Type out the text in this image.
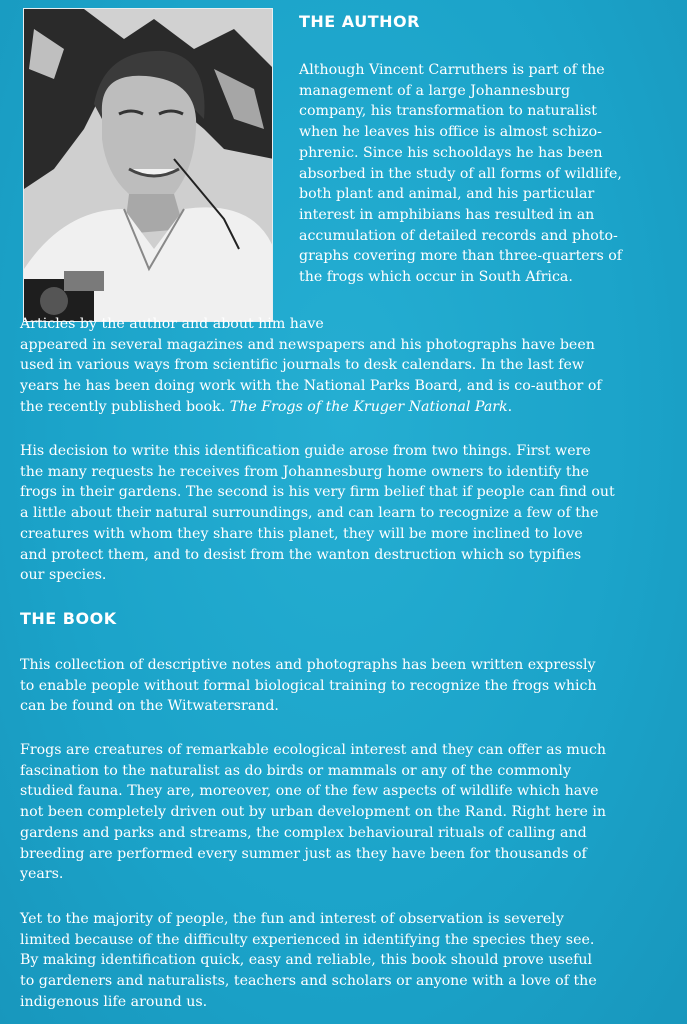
THE AUTHOR

Although Vincent Carruthers is part of the
management of a large Johannesburg
company, his transformation to naturalist
when he leaves his office is almost schizo-
phrenic. Since his schooldays he has been
absorbed in the study of all forms of wildlife,
both plant and animal, and his particular
interest in amphibians has resulted in an
accumulation of detailed records and photo-
graphs covering more than three-quarters of
the frogs which occur in South Africa.

Articles by the author and about him have
appeared in several magazines and newspapers and his photographs have been
used in various ways from scientific journals to desk calendars. In the last few
years he has been doing work with the National Parks Board, and is co-author of
the recently published book. The Frogs of the Kruger National Park.

His decision to write this identification guide arose from two things. First were
the many requests he receives from Johannesburg home owners to identify the
frogs in their gardens. The second is his very firm belief that if people can find out
a little about their natural surroundings, and can learn to recognize a few of the
creatures with whom they share this planet, they will be more inclined to love
and protect them, and to desist from the wanton destruction which so typifies
our species.

THE BOOK

This collection of descriptive notes and photographs has been written expressly
to enable people without formal biological training to recognize the frogs which
can be found on the Witwatersrand.

Frogs are creatures of remarkable ecological interest and they can offer as much
fascination to the naturalist as do birds or mammals or any of the commonly
studied fauna. They are, moreover, one of the few aspects of wildlife which have
not been completely driven out by urban development on the Rand. Right here in
gardens and parks and streams, the complex behavioural rituals of calling and
breeding are performed every summer just as they have been for thousands of
years.

Yet to the majority of people, the fun and interest of observation is severely
limited because of the difficulty experienced in identifying the species they see.
By making identification quick, easy and reliable, this book should prove useful
to gardeners and naturalists, teachers and scholars or anyone with a love of the
indigenous life around us.
